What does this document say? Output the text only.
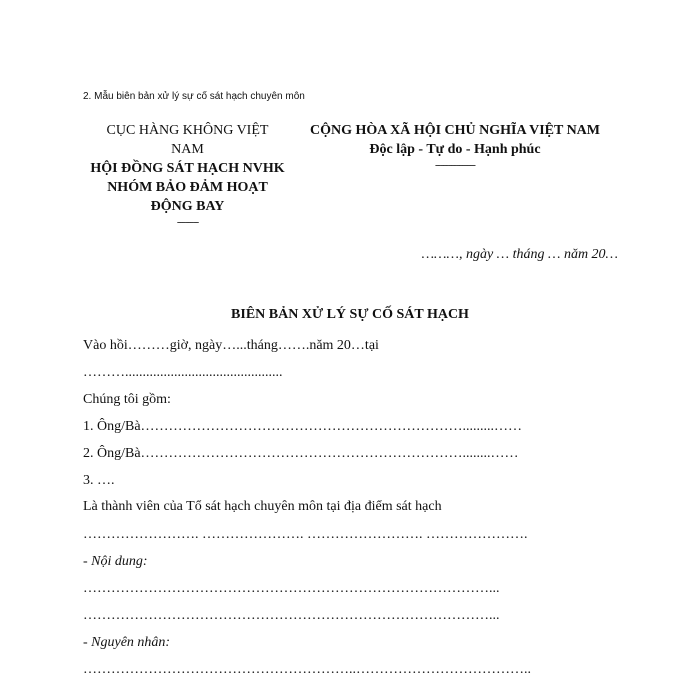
2. Mẫu biên bản xử lý sự cố sát hạch chuyên môn
CỤC HÀNG KHÔNG VIỆT
NAM
HỘI ĐỒNG SÁT HẠCH NVHK
NHÓM BẢO ĐẢM HOẠT
ĐỘNG BAY
--------
CỘNG HÒA XÃ HỘI CHỦ NGHĨA VIỆT NAM
Độc lập - Tự do - Hạnh phúc
---------------
………, ngày … tháng … năm 20…
BIÊN BẢN XỬ LÝ SỰ CỐ SÁT HẠCH
Vào hồi………giờ, ngày…...tháng…….năm 20…tại
……….............................................
Chúng tôi gồm:
1. Ông/Bà…………………………………………………………….........……
2. Ông/Bà……………………………………………………………........……
3. ….
Là thành viên của Tổ sát hạch chuyên môn tại địa điểm sát hạch
……………………. …………………. ……………………. ………………….
- Nội dung:
……………………………………………………………………………...
……………………………………………………………………………...
- Nguyên nhân:
…………………………………………………..………………………………..
